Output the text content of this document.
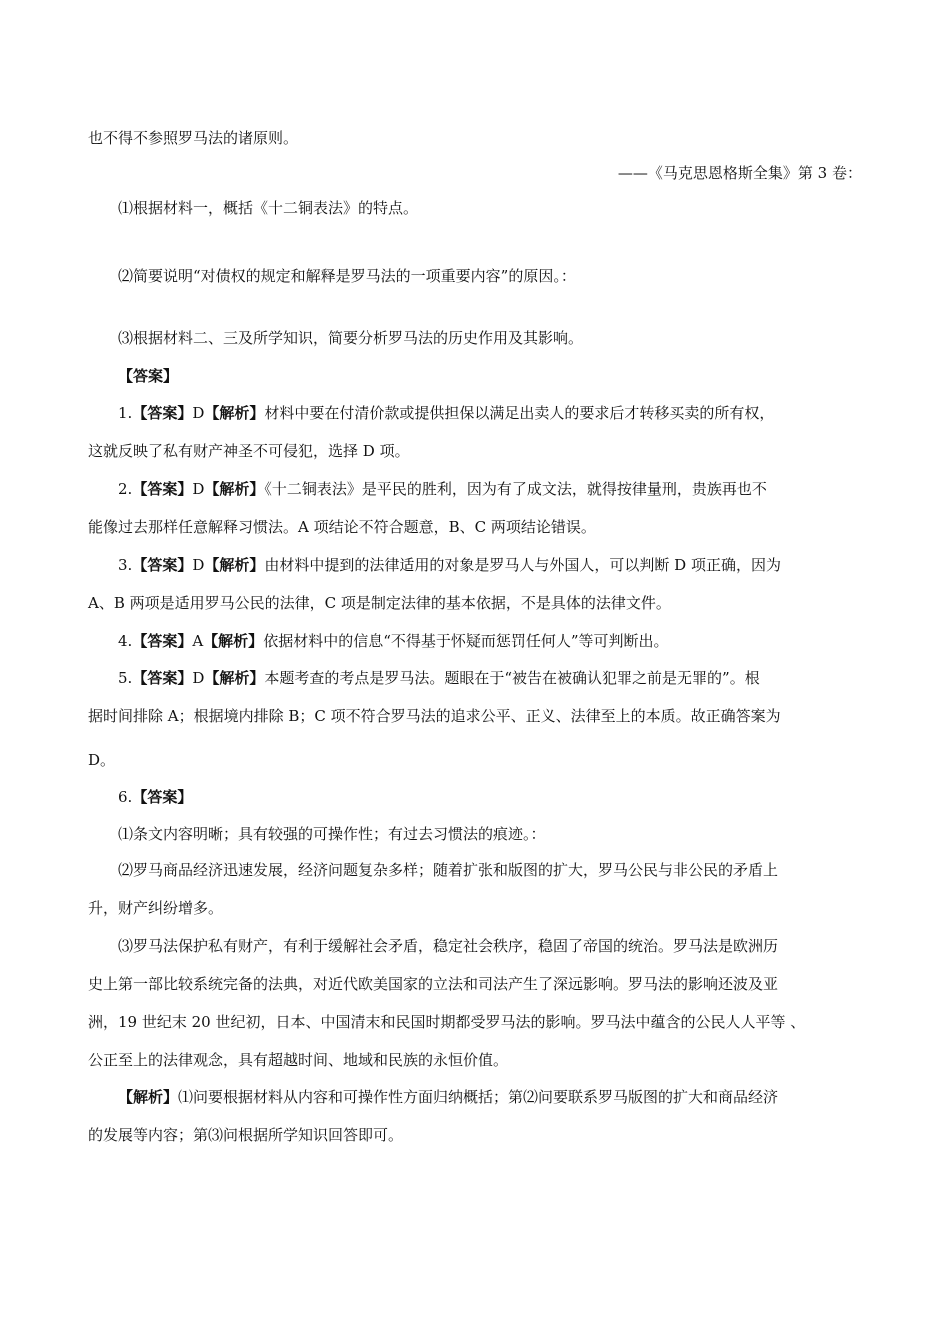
也不得不参照罗马法的诸原则。
——《马克思恩格斯全集》第 3 卷：
⑴根据材料一，概括《十二铜表法》的特点。
⑵简要说明“对债权的规定和解释是罗马法的一项重要内容”的原因。：
⑶根据材料二、三及所学知识，简要分析罗马法的历史作用及其影响。
【答案】
1.【答案】D【解析】材料中要在付清价款或提供担保以满足出卖人的要求后才转移买卖的所有权，
这就反映了私有财产神圣不可侵犯，选择 D 项。
2.【答案】D【解析】《十二铜表法》是平民的胜利，因为有了成文法，就得按律量刑，贵族再也不
能像过去那样任意解释习惯法。A 项结论不符合题意，B、C 两项结论错误。
3.【答案】D【解析】由材料中提到的法律适用的对象是罗马人与外国人，可以判断 D 项正确，因为
A、B 两项是适用罗马公民的法律，C 项是制定法律的基本依据，不是具体的法律文件。
4.【答案】A【解析】依据材料中的信息“不得基于怀疑而惩罚任何人”等可判断出。
5.【答案】D【解析】本题考查的考点是罗马法。题眼在于“被告在被确认犯罪之前是无罪的”。根
据时间排除 A；根据境内排除 B；C 项不符合罗马法的追求公平、正义、法律至上的本质。故正确答案为
D。
6.【答案】
⑴条文内容明晰；具有较强的可操作性；有过去习惯法的痕迹。：
⑵罗马商品经济迅速发展，经济问题复杂多样；随着扩张和版图的扩大，罗马公民与非公民的矛盾上
升，财产纠纷增多。
⑶罗马法保护私有财产，有利于缓解社会矛盾，稳定社会秩序，稳固了帝国的统治。罗马法是欧洲历
史上第一部比较系统完备的法典，对近代欧美国家的立法和司法产生了深远影响。罗马法的影响还波及亚
洲，19 世纪末 20 世纪初，日本、中国清末和民国时期都受罗马法的影响。罗马法中蕴含的公民人人平等 、
公正至上的法律观念，具有超越时间、地域和民族的永恒价值。
【解析】⑴问要根据材料从内容和可操作性方面归纳概括；第⑵问要联系罗马版图的扩大和商品经济
的发展等内容；第⑶问根据所学知识回答即可。
